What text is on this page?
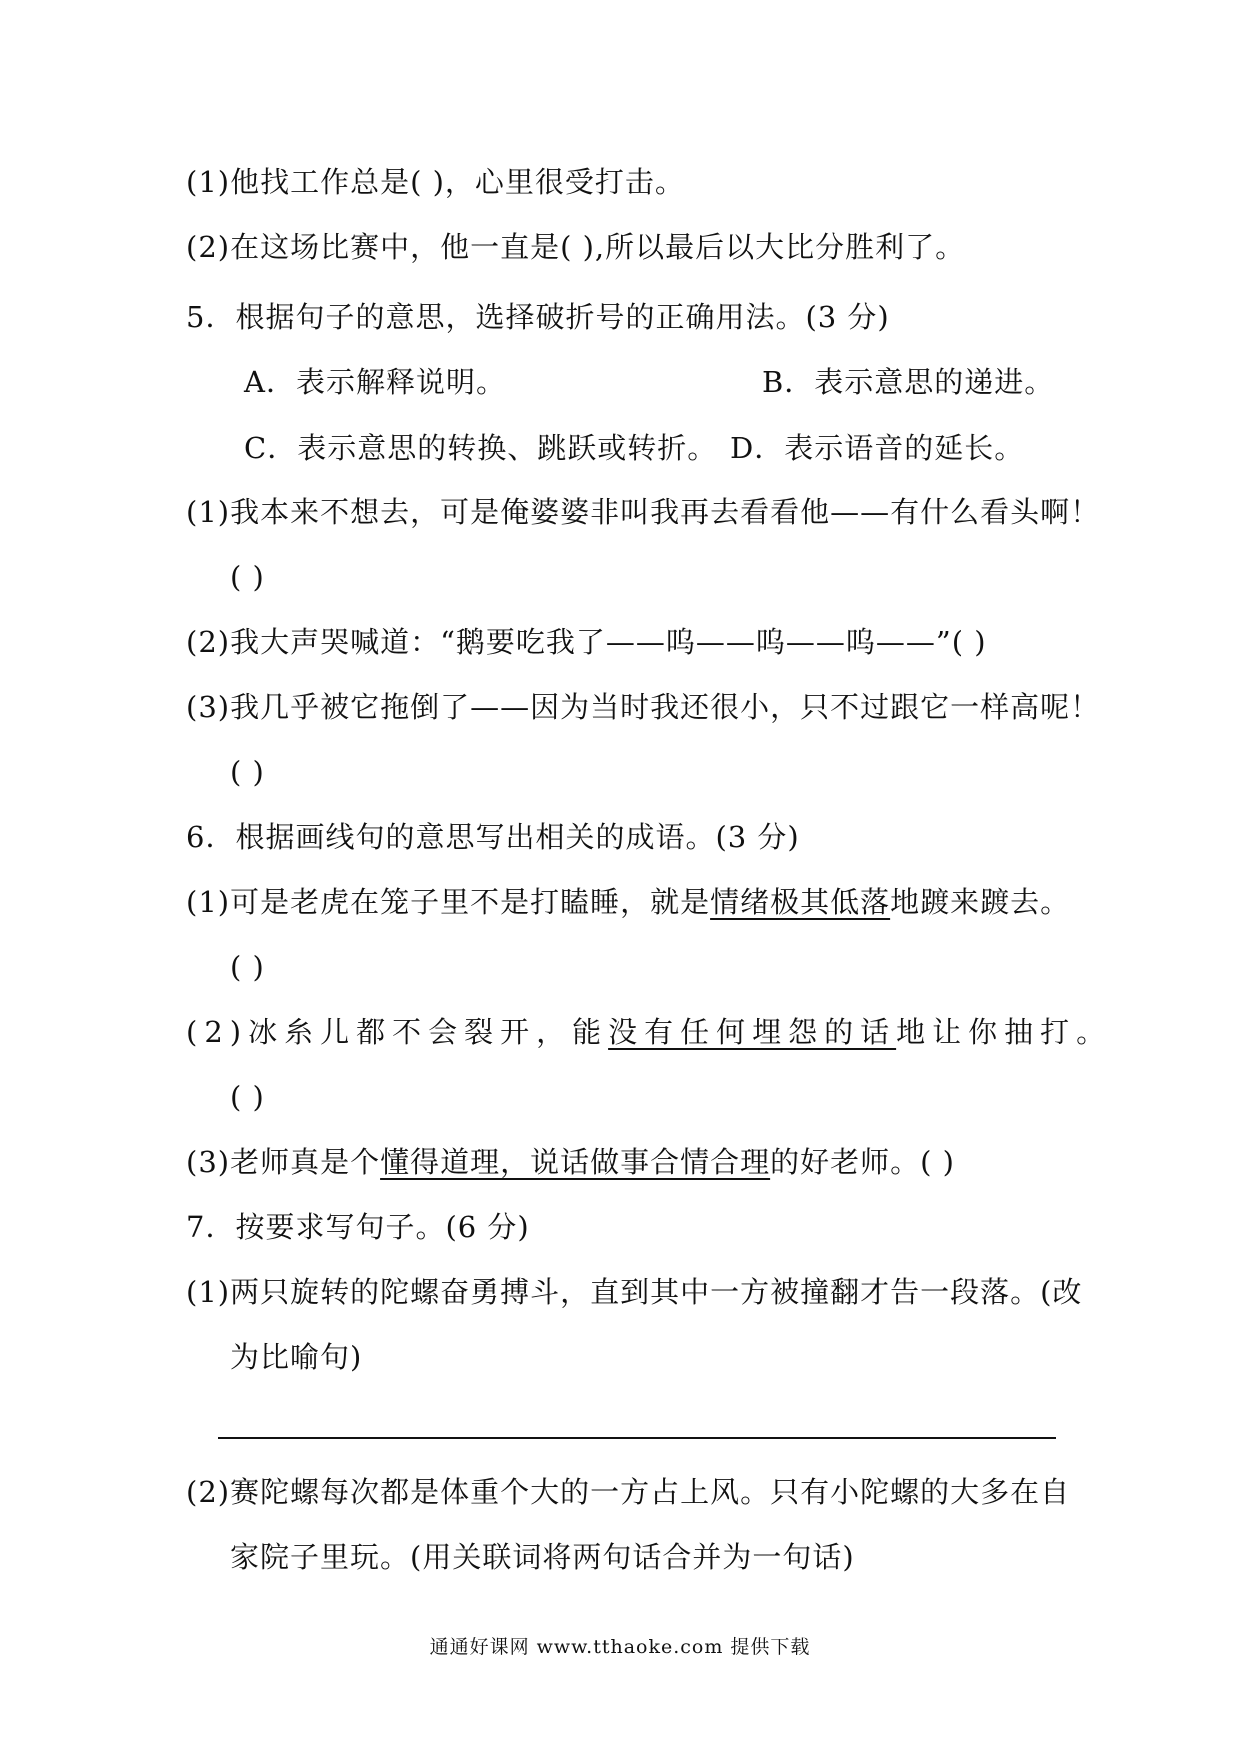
(1)他找工作总是( )，心里很受打击。
(2)在这场比赛中，他一直是( ),所以最后以大比分胜利了。
5．根据句子的意思，选择破折号的正确用法。(3 分)
A．表示解释说明。	B．表示意思的递进。
C．表示意思的转换、跳跃或转折。 D．表示语音的延长。
(1)我本来不想去，可是俺婆婆非叫我再去看看他——有什么看头啊！
( )
(2)我大声哭喊道：“鹅要吃我了——呜——呜——呜——”( )
(3)我几乎被它拖倒了——因为当时我还很小，只不过跟它一样高呢！
( )
6．根据画线句的意思写出相关的成语。(3 分)
(1)可是老虎在笼子里不是打瞌睡，就是情绪极其低落地踱来踱去。
( )
(2)冰糸儿都不会裂开，能没有任何埋怨的话地让你抽打。
( )
(3)老师真是个懂得道理，说话做事合情合理的好老师。( )
7．按要求写句子。(6 分)
(1)两只旋转的陀螺奋勇搏斗，直到其中一方被撞翻才告一段落。(改
为比喻句)
(2)赛陀螺每次都是体重个大的一方占上风。只有小陀螺的大多在自
家院子里玩。(用关联词将两句话合并为一句话)
通通好课网 www.tthaoke.com 提供下载
